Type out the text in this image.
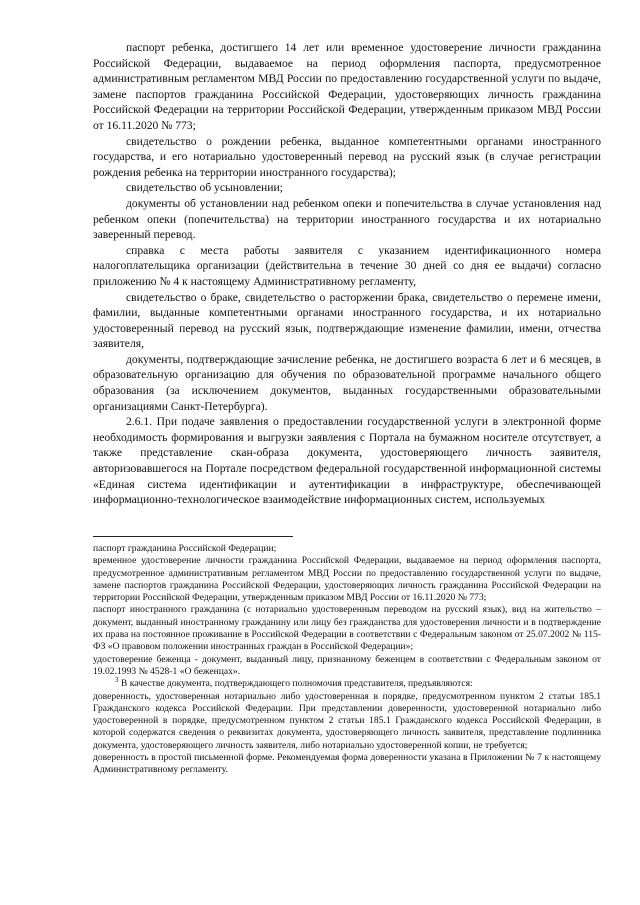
паспорт ребенка, достигшего 14 лет или временное удостоверение личности гражданина Российской Федерации, выдаваемое на период оформления паспорта, предусмотренное административным регламентом МВД России по предоставлению государственной услуги по выдаче, замене паспортов гражданина Российской Федерации, удостоверяющих личность гражданина Российской Федерации на территории Российской Федерации, утвержденным приказом МВД России от 16.11.2020 № 773;

свидетельство о рождении ребенка, выданное компетентными органами иностранного государства, и его нотариально удостоверенный перевод на русский язык (в случае регистрации рождения ребенка на территории иностранного государства);

свидетельство об усыновлении;

документы об установлении над ребенком опеки и попечительства в случае установления над ребенком опеки (попечительства) на территории иностранного государства и их нотариально заверенный перевод.

справка с места работы заявителя с указанием идентификационного номера налогоплательщика организации (действительна в течение 30 дней со дня ее выдачи) согласно приложению № 4 к настоящему Административному регламенту,

свидетельство о браке, свидетельство о расторжении брака, свидетельство о перемене имени, фамилии, выданные компетентными органами иностранного государства, и их нотариально удостоверенный перевод на русский язык, подтверждающие изменение фамилии, имени, отчества заявителя,

документы, подтверждающие зачисление ребенка, не достигшего возраста 6 лет и 6 месяцев, в образовательную организацию для обучения по образовательной программе начального общего образования (за исключением документов, выданных государственными образовательными организациями Санкт-Петербурга).

2.6.1. При подаче заявления о предоставлении государственной услуги в электронной форме необходимость формирования и выгрузки заявления с Портала на бумажном носителе отсутствует, а также представление скан-образа документа, удостоверяющего личность заявителя, авторизовавшегося на Портале посредством федеральной государственной информационной системы «Единая система идентификации и аутентификации в инфраструктуре, обеспечивающей информационно-технологическое взаимодействие информационных систем, используемых

паспорт гражданина Российской Федерации;

временное удостоверение личности гражданина Российской Федерации, выдаваемое на период оформления паспорта, предусмотренное административным регламентом МВД России по предоставлению государственной услуги по выдаче, замене паспортов гражданина Российской Федерации, удостоверяющих личность гражданина Российской Федерации на территории Российской Федерации, утвержденным приказом МВД России от 16.11.2020 № 773;

паспорт иностранного гражданина (с нотариально удостоверенным переводом на русский язык), вид на жительство – документ, выданный иностранному гражданину или лицу без гражданства для удостоверения личности и в подтверждение их права на постоянное проживание в Российской Федерации в соответствии с Федеральным законом от 25.07.2002 № 115-ФЗ «О правовом положении иностранных граждан в Российской Федерации»;

удостоверение беженца - документ, выданный лицу, признанному беженцем в соответствии с Федеральным законом от 19.02.1993 № 4528-1 «О беженцах».

$^3$ В качестве документа, подтверждающего полномочия представителя, предъявляются:

доверенность, удостоверенная нотариально либо удостоверенная в порядке, предусмотренном пунктом 2 статьи 185.1 Гражданского кодекса Российской Федерации. При представлении доверенности, удостоверенной нотариально либо удостоверенной в порядке, предусмотренном пунктом 2 статьи 185.1 Гражданского кодекса Российской Федерации, в которой содержатся сведения о реквизитах документа, удостоверяющего личность заявителя, представление подлинника документа, удостоверяющего личность заявителя, либо нотариально удостоверенной копии, не требуется;

доверенность в простой письменной форме. Рекомендуемая форма доверенности указана в Приложении № 7 к настоящему Административному регламенту.
